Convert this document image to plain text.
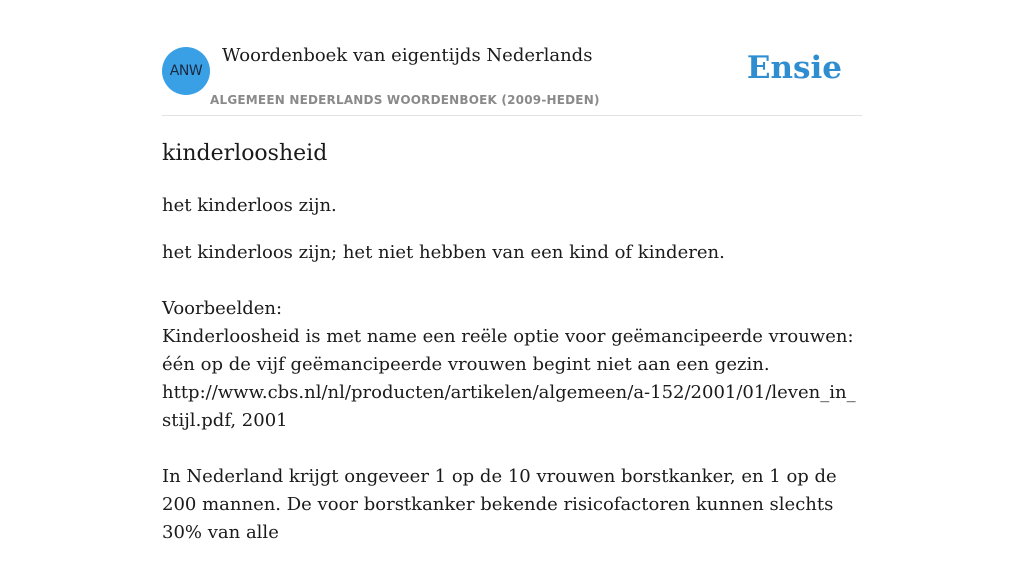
ANW
Woordenboek van eigentijds Nederlands
ALGEMEEN NEDERLANDS WOORDENBOEK (2009-HEDEN)
Ensie
kinderloosheid
het kinderloos zijn.
het kinderloos zijn; het niet hebben van een kind of kinderen.
Voorbeelden:
Kinderloosheid is met name een reële optie voor geëmancipeerde vrouwen: één op de vijf geëmancipeerde vrouwen begint niet aan een gezin.
http://www.cbs.nl/nl/producten/artikelen/algemeen/a-152/2001/01/leven_in_stijl.pdf, 2001
In Nederland krijgt ongeveer 1 op de 10 vrouwen borstkanker, en 1 op de 200 mannen. De voor borstkanker bekende risicofactoren kunnen slechts 30% van alle
